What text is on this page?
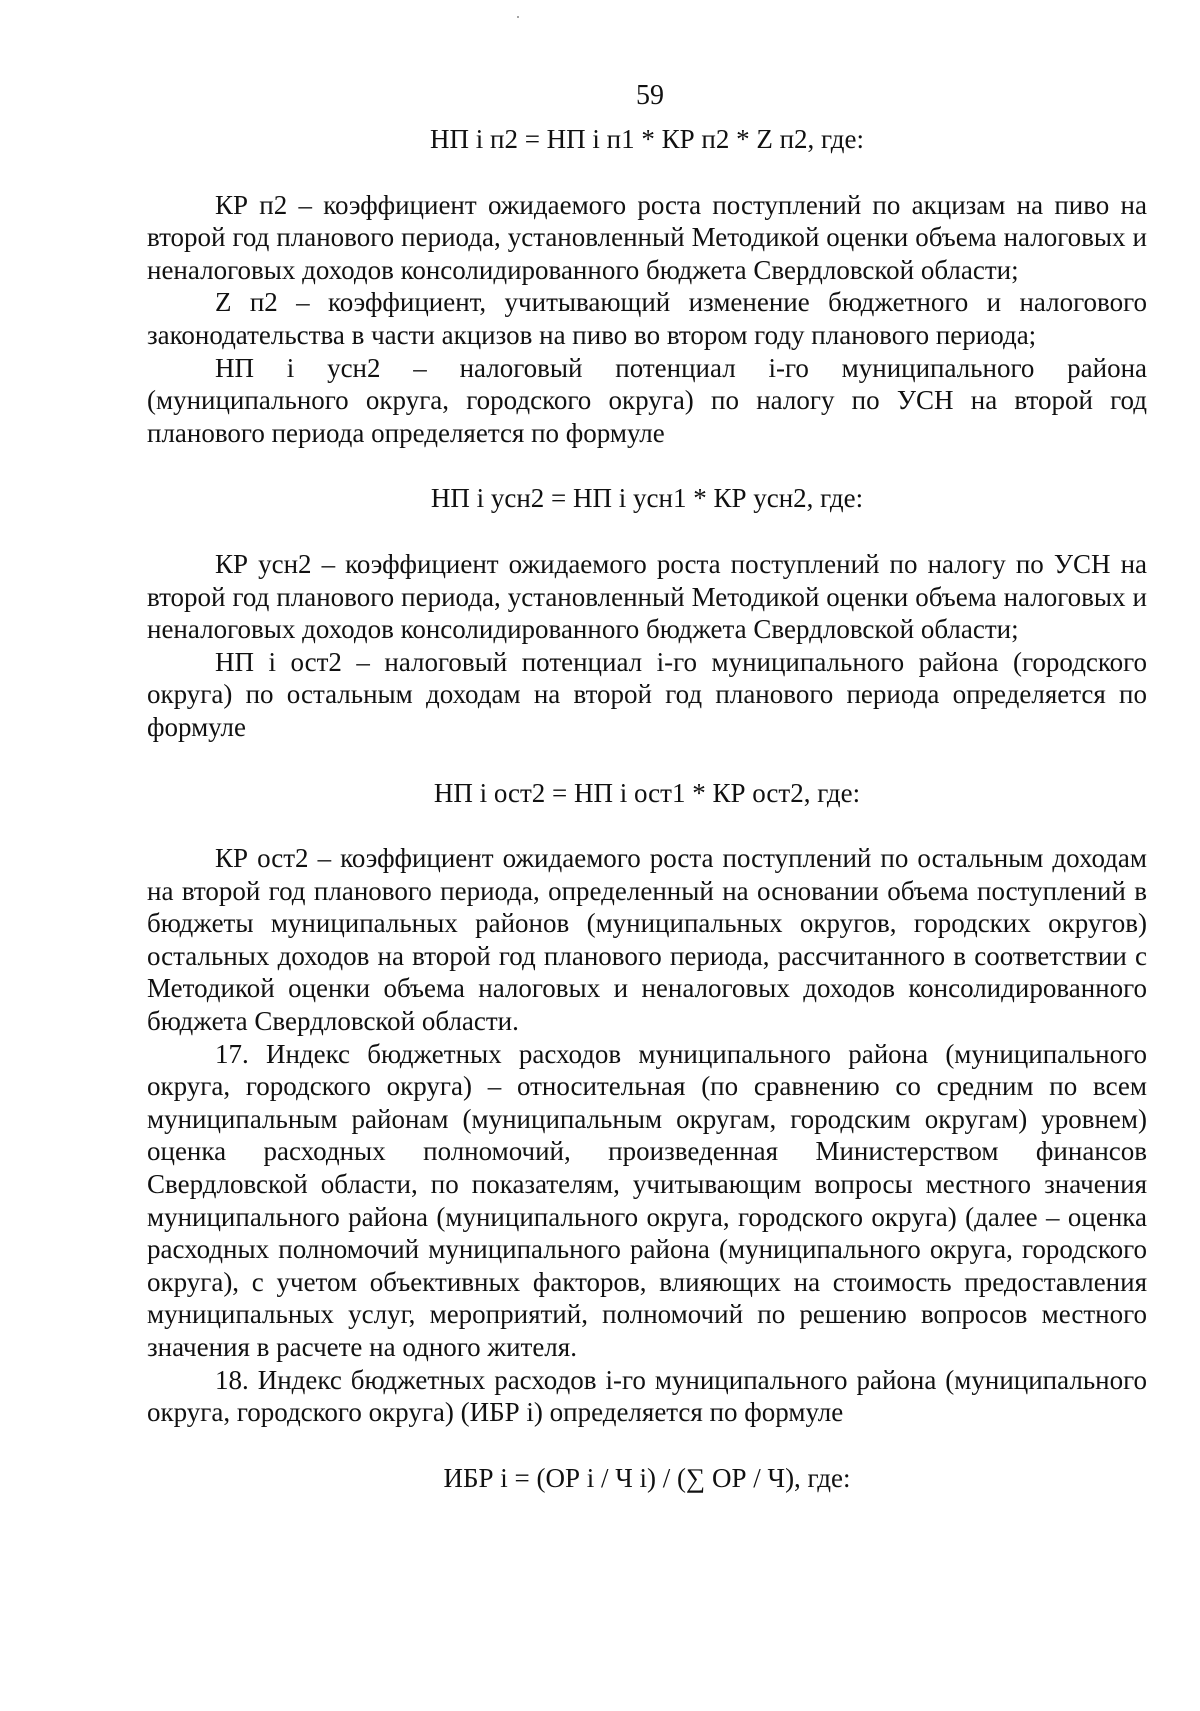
59

НП i п2 = НП i п1 * КР п2 * Z п2, где:

КР п2 – коэффициент ожидаемого роста поступлений по акцизам на пиво на второй год планового периода, установленный Методикой оценки объема налоговых и неналоговых доходов консолидированного бюджета Свердловской области;

Z п2 – коэффициент, учитывающий изменение бюджетного и налогового законодательства в части акцизов на пиво во втором году планового периода;

НП i усн2 – налоговый потенциал i-го муниципального района (муниципального округа, городского округа) по налогу по УСН на второй год планового периода определяется по формуле

НП i усн2 = НП i усн1 * КР усн2, где:

КР усн2 – коэффициент ожидаемого роста поступлений по налогу по УСН на второй год планового периода, установленный Методикой оценки объема налоговых и неналоговых доходов консолидированного бюджета Свердловской области;

НП i ост2 – налоговый потенциал i-го муниципального района (городского округа) по остальным доходам на второй год планового периода определяется по формуле

НП i ост2 = НП i ост1 * КР ост2, где:

КР ост2 – коэффициент ожидаемого роста поступлений по остальным доходам на второй год планового периода, определенный на основании объема поступлений в бюджеты муниципальных районов (муниципальных округов, городских округов) остальных доходов на второй год планового периода, рассчитанного в соответствии с Методикой оценки объема налоговых и неналоговых доходов консолидированного бюджета Свердловской области.

17. Индекс бюджетных расходов муниципального района (муниципального округа, городского округа) – относительная (по сравнению со средним по всем муниципальным районам (муниципальным округам, городским округам) уровнем) оценка расходных полномочий, произведенная Министерством финансов Свердловской области, по показателям, учитывающим вопросы местного значения муниципального района (муниципального округа, городского округа) (далее – оценка расходных полномочий муниципального района (муниципального округа, городского округа), с учетом объективных факторов, влияющих на стоимость предоставления муниципальных услуг, мероприятий, полномочий по решению вопросов местного значения в расчете на одного жителя.

18. Индекс бюджетных расходов i-го муниципального района (муниципального округа, городского округа) (ИБР i) определяется по формуле

ИБР i = (ОР i / Ч i) / (∑ ОР / Ч), где:
